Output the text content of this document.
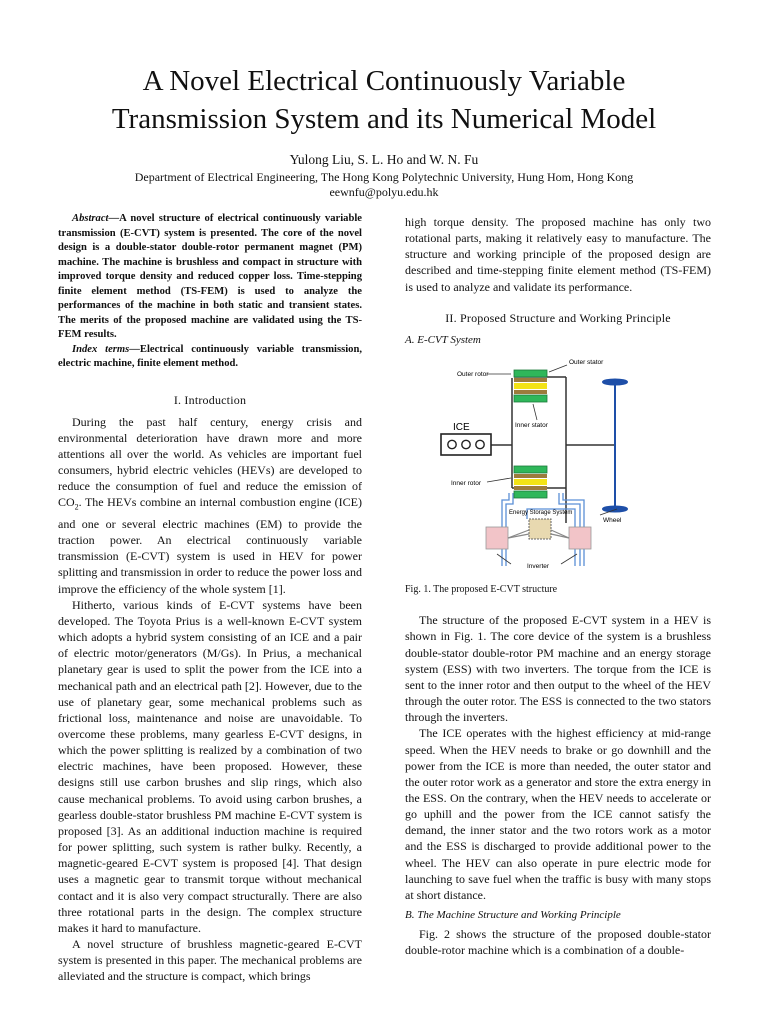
A Novel Electrical Continuously Variable
Transmission System and its Numerical Model
Yulong Liu, S. L. Ho and W. N. Fu
Department of Electrical Engineering, The Hong Kong Polytechnic University, Hung Hom, Hong Kong
eewnfu@polyu.edu.hk

Abstract—A novel structure of electrical continuously variable transmission (E-CVT) system is presented. The core of the novel design is a double-stator double-rotor permanent magnet (PM) machine. The machine is brushless and compact in structure with improved torque density and reduced copper loss. Time-stepping finite element method (TS-FEM) is used to analyze the performances of the machine in both static and transient states. The merits of the proposed machine are validated using the TS-FEM results.

Index terms—Electrical continuously variable transmission, electric machine, finite element method.

I. Introduction

During the past half century, energy crisis and environmental deterioration have drawn more and more attentions all over the world. As vehicles are important fuel consumers, hybrid electric vehicles (HEVs) are developed to reduce the consumption of fuel and reduce the emission of $CO_2$. The HEVs combine an internal combustion engine (ICE) and one or several electric machines (EM) to provide the traction power. An electrical continuously variable transmission (E-CVT) system is used in HEV for power splitting and transmission in order to reduce the power loss and improve the efficiency of the whole system [1].

Hitherto, various kinds of E-CVT systems have been developed. The Toyota Prius is a well-known E-CVT system which adopts a hybrid system consisting of an ICE and a pair of electric motor/generators (M/Gs). In Prius, a mechanical planetary gear is used to split the power from the ICE into a mechanical path and an electrical path [2]. However, due to the use of planetary gear, some mechanical problems such as frictional loss, maintenance and noise are unavoidable. To overcome these problems, many gearless E-CVT designs, in which the power splitting is realized by a combination of two electric machines, have been proposed. However, these designs still use carbon brushes and slip rings, which also cause mechanical problems. To avoid using carbon brushes, a gearless double-stator brushless PM machine E-CVT system is proposed [3]. As an additional induction machine is required for power splitting, such system is rather bulky. Recently, a magnetic-geared E-CVT system is proposed [4]. That design uses a magnetic gear to transmit torque without mechanical contact and it is also very compact structurally. There are also three rotational parts in the design. The complex structure makes it hard to manufacture.

A novel structure of brushless magnetic-geared E-CVT system is presented in this paper. The mechanical problems are alleviated and the structure is compact, which brings

high torque density. The proposed machine has only two rotational parts, making it relatively easy to manufacture. The structure and working principle of the proposed design are described and time-stepping finite element method (TS-FEM) is used to analyze and validate its performance.

II. Proposed Structure and Working Principle
A. E-CVT System
Outer stator
Outer rotor
ICE	Inner stator
Inner rotor
Energy Storage System
Wheel
Inverter
Fig. 1. The proposed E-CVT structure

The structure of the proposed E-CVT system in a HEV is shown in Fig. 1. The core device of the system is a brushless double-stator double-rotor PM machine and an energy storage system (ESS) with two inverters. The torque from the ICE is sent to the inner rotor and then output to the wheel of the HEV through the outer rotor. The ESS is connected to the two stators through the inverters.

The ICE operates with the highest efficiency at mid-range speed. When the HEV needs to brake or go downhill and the power from the ICE is more than needed, the outer stator and the outer rotor work as a generator and store the extra energy in the ESS. On the contrary, when the HEV needs to accelerate or go uphill and the power from the ICE cannot satisfy the demand, the inner stator and the two rotors work as a motor and the ESS is discharged to provide additional power to the wheel. The HEV can also operate in pure electric mode for launching to save fuel when the traffic is busy with many stops at short distance.

B. The Machine Structure and Working Principle

Fig. 2 shows the structure of the proposed double-stator double-rotor machine which is a combination of a double-
